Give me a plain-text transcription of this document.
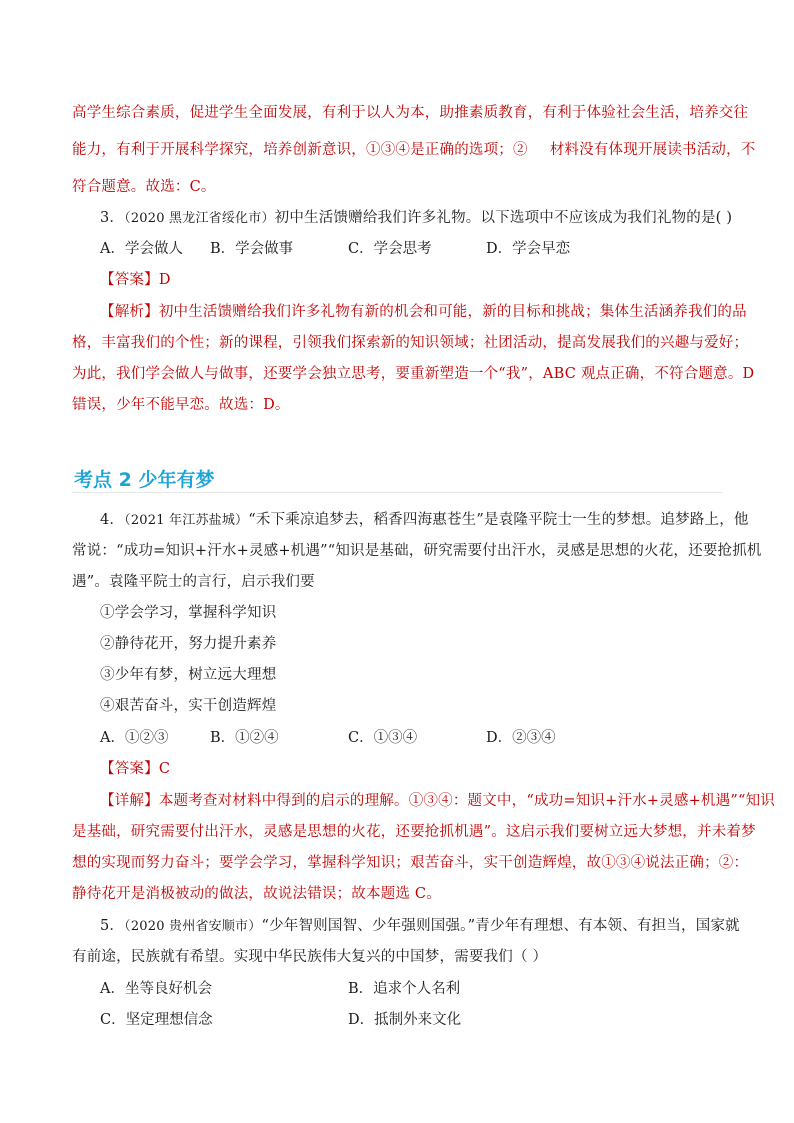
高学生综合素质，促进学生全面发展，有利于以人为本，助推素质教育，有利于体验社会生活，培养交往
能力，有利于开展科学探究，培养创新意识，①③④是正确的选项；② 材料没有体现开展读书活动，不
符合题意。故选：C。
3．（2020 黑龙江省绥化市）初中生活馈赠给我们许多礼物。以下选项中不应该成为我们礼物的是( )
A．学会做人 B．学会做事	C．学会思考	D．学会早恋
【答案】D
【解析】初中生活馈赠给我们许多礼物有新的机会和可能，新的目标和挑战；集体生活涵养我们的品
格，丰富我们的个性；新的课程，引领我们探索新的知识领域；社团活动，提高发展我们的兴趣与爱好；
为此，我们学会做人与做事，还要学会独立思考，要重新塑造一个“我”，ABC 观点正确，不符合题意。D
错误，少年不能早恋。故选：D。
考点 2 少年有梦
4．（2021 年江苏盐城）“禾下乘凉追梦去，稻香四海惠苍生”是袁隆平院士一生的梦想。追梦路上，他
常说：“成功=知识+汗水+灵感+机遇”“知识是基础，研究需要付出汗水，灵感是思想的火花，还要抢抓机
遇”。袁隆平院士的言行，启示我们要
①学会学习，掌握科学知识
②静待花开，努力提升素养
③少年有梦，树立远大理想
④艰苦奋斗，实干创造辉煌
A．①②③	B．①②④	C．①③④	D．②③④
【答案】C
【详解】本题考查对材料中得到的启示的理解。①③④：题文中，“成功=知识+汗水+灵感+机遇”“知识
是基础，研究需要付出汗水，灵感是思想的火花，还要抢抓机遇”。这启示我们要树立远大梦想，并未着梦
想的实现而努力奋斗；要学会学习，掌握科学知识；艰苦奋斗，实干创造辉煌，故①③④说法正确；②：
静待花开是消极被动的做法，故说法错误；故本题选 C。
5．（2020 贵州省安顺市）“少年智则国智、少年强则国强。”青少年有理想、有本领、有担当，国家就
有前途，民族就有希望。实现中华民族伟大复兴的中国梦，需要我们（ ）
A．坐等良好机会	B．追求个人名利
C．坚定理想信念	D．抵制外来文化
